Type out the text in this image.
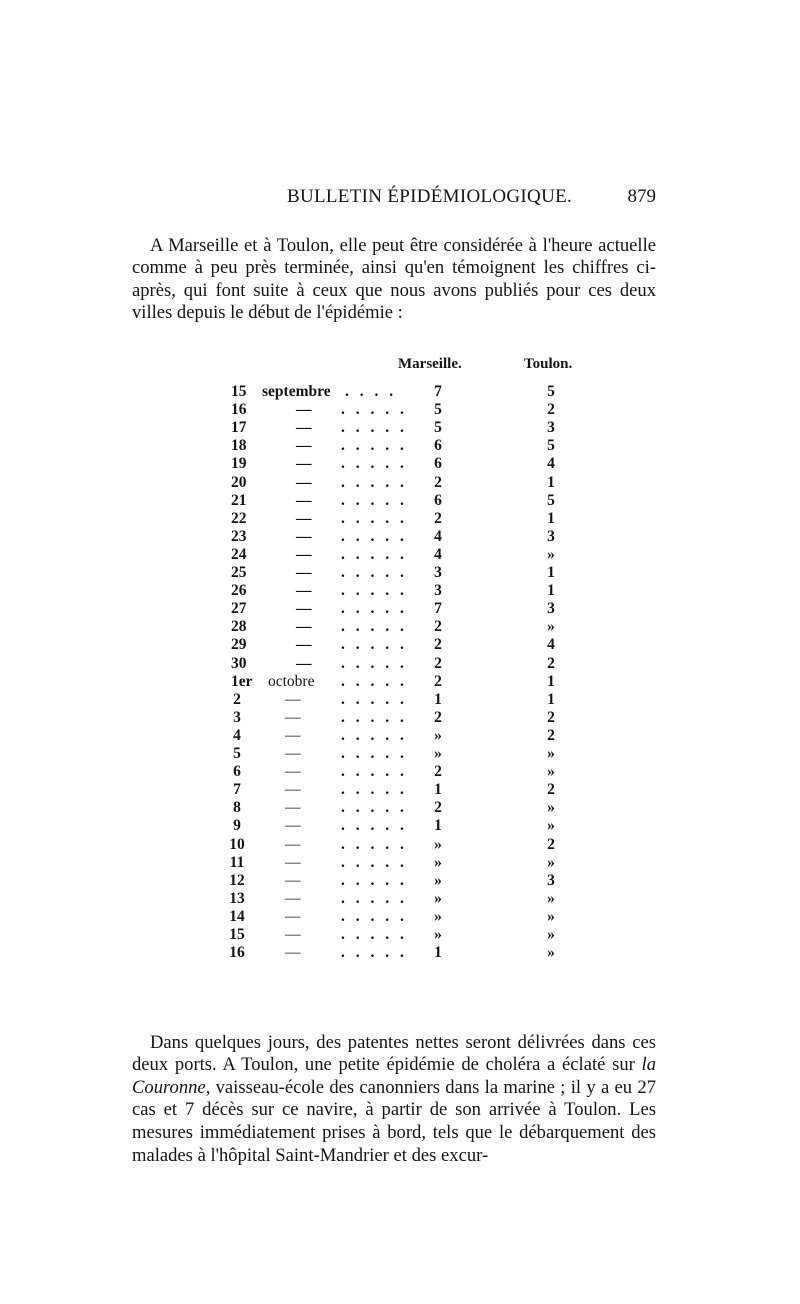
BULLETIN ÉPIDÉMIOLOGIQUE.	879

A Marseille et à Toulon, elle peut être considérée à l'heure actuelle comme à peu près terminée, ainsi qu'en témoignent les chiffres ci-après, qui font suite à ceux que nous avons publiés pour ces deux villes depuis le début de l'épidémie :

Marseille.	Toulon.
15 septembre . . . .	7	5
16	— . . . . .	5	2
17	— . . . . .	5	3
18	— . . . . .	6	5
19	— . . . . .	6	4
20	— . . . . .	2	1
21	— . . . . .	6	5
22	— . . . . .	2	1
23	— . . . . .	4	3
24	— . . . . .	4	»
25	— . . . . .	3	1
26	— . . . . .	3	1
27	— . . . . .	7	3
28	— . . . . .	2	»
29	— . . . . .	2	4
30	— . . . . .	2	2
1er octobre . . . . .	2	1
2	—	. . . . .	1	1
3	—	. . . . .	2	2
4	—	. . . . .	»	2
5	—	. . . . .	»	»
6	—	. . . . .	2	»
7	—	. . . . .	1	2
8	—	. . . . .	2	»
9	—	. . . . .	1	»
10	—	. . . . .	»	2
11	—	. . . . .	»	»
12	—	. . . . .	»	3
13	—	. . . . .	»	»
14	—	. . . . .	»	»
15	—	. . . . .	»	»
16	—	. . . . .	1	»

Dans quelques jours, des patentes nettes seront délivrées dans ces deux ports. A Toulon, une petite épidémie de choléra a éclaté sur la Couronne, vaisseau-école des canonniers dans la marine ; il y a eu 27 cas et 7 décès sur ce navire, à partir de son arrivée à Toulon. Les mesures immédiatement prises à bord, tels que le débarquement des malades à l'hôpital Saint-Mandrier et des excur-
